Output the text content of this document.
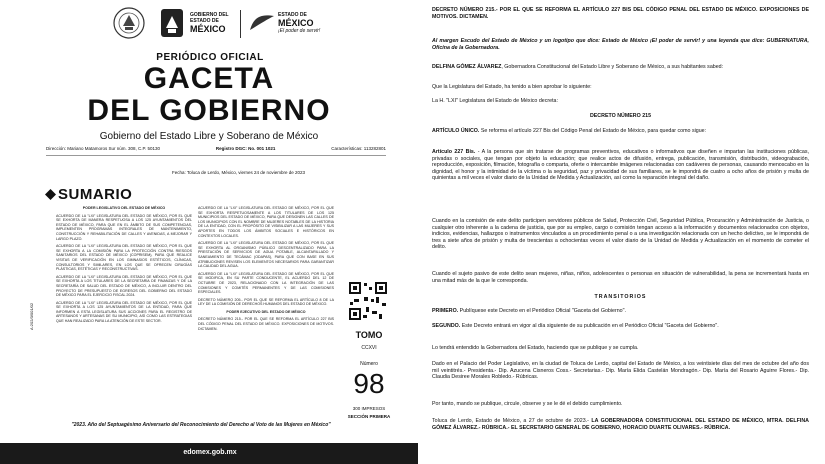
GOBIERNO DEL
ESTADO DE
MÉXICO
ESTADO DE
MÉXICO
¡El poder de servir!
PERIÓDICO OFICIAL
GACETA
DEL GOBIERNO
Gobierno del Estado Libre y Soberano de México
Dirección: Mariano Matamoros Sur núm. 308, C.P. 50130	Registro DGC: No. 001 1021	Características: 113282801
Fecha: Toluca de Lerdo, México, viernes 24 de noviembre de 2023
SUMARIO
A:202/3/001/02

PODER LEGISLATIVO DEL ESTADO DE MÉXICO

ACUERDO DE LA "LXI" LEGISLATURA DEL ESTADO DE MÉXICO, POR EL QUE SE EXHORTA DE MANERA RESPETUOSA A LOS 125 AYUNTAMIENTOS DEL ESTADO DE MÉXICO, PARA QUE EN EL ÁMBITO DE SUS COMPETENCIAS, IMPLEMENTEN PROGRAMAS INTEGRALES DE MANTENIMIENTO, CONSTRUCCIÓN Y REHABILITACIÓN DE CALLES Y AVENIDAS, A MEJORAR Y LARGO PLAZO.

ACUERDO DE LA "LXI" LEGISLATURA DEL ESTADO DE MÉXICO, POR EL QUE SE EXHORTA A LA COMISIÓN PARA LA PROTECCIÓN CONTRA RIESGOS SANITARIOS DEL ESTADO DE MÉXICO (COPRISEM), PARA QUE REALICE VISITAS DE VERIFICACIÓN EN LOS GIMNASIOS ESTÉTICOS, CLÍNICAS, CONSULTORIOS Y SIMILARES, EN LOS QUE SE OFRECEN CIRUGÍAS PLÁSTICAS, ESTÉTICAS Y RECONSTRUCTIVAS.

ACUERDO DE LA "LXI" LEGISLATURA DEL ESTADO DE MÉXICO, POR EL QUE SE EXHORTA A LOS TITULARES DE LA SECRETARÍA DE FINANZAS Y DE LA SECRETARÍA DE SALUD DEL ESTADO DE MÉXICO, A INCLUIR DENTRO DEL PROYECTO DE PRESUPUESTO DE EGRESOS DEL GOBIERNO DEL ESTADO DE MÉXICO PARA EL EJERCICIO FISCAL 2024.

ACUERDO DE LA "LXI" LEGISLATURA DEL ESTADO DE MÉXICO, POR EL QUE SE EXHORTA A LOS 125 AYUNTAMIENTOS DE LA ENTIDAD, PARA QUE INFORMEN A ESTA LEGISLATURA SUS ACCIONES PARA EL REGISTRO DE ARTESANOS Y ARTESANAS DE SU MUNICIPIO, ASÍ COMO LAS ESTRATEGIAS QUE HAN REALIZADO PARA LA ATENCIÓN DE ESTE SECTOR.

ACUERDO DE LA "LXI" LEGISLATURA DEL ESTADO DE MÉXICO, POR EL QUE SE EXHORTA RESPETUOSAMENTE A LOS TITULARES DE LOS 125 MUNICIPIOS DEL ESTADO DE MÉXICO, PARA QUE DESIGNEN LAS CALLES DE LOS MUNICIPIOS CON EL NOMBRE DE MUJERES NOTABLES DE LA HISTORIA DE LA ENTIDAD, CON EL PROPÓSITO DE VISIBILIZAR A LAS MUJERES Y SUS APORTES EN TODOS LOS ÁMBITOS SOCIALES E HISTÓRICOS EN CONTEXTOS LOCALES.

ACUERDO DE LA "LXI" LEGISLATURA DEL ESTADO DE MÉXICO, POR EL QUE SE EXHORTA AL ORGANISMO PÚBLICO DESCENTRALIZADO PARA LA PRESTACIÓN DE SERVICIOS DE AGUA POTABLE, ALCANTARILLADO Y SANEAMIENTO DE TECÁMAC (ODAPAS), PARA QUE CON BASE EN SUS ATRIBUCIONES REVISEN LOS ELEMENTOS NECESARIOS PARA GARANTIZAR LA CALIDAD DEL AGUA.

ACUERDO DE LA "LXI" LEGISLATURA DEL ESTADO DE MÉXICO, POR EL QUE SE MODIFICA, EN SU PARTE CONDUCENTE, EL ACUERDO DEL 12 DE OCTUBRE DE 2023, RELACIONADO CON LA INTEGRACIÓN DE LAS COMISIONES Y COMITÉS PERMANENTES Y DE LAS COMISIONES ESPECIALES.

DECRETO NÚMERO 205.- POR EL QUE SE REFORMA EL ARTÍCULO 8 DE LA LEY DE LA COMISIÓN DE DERECHOS HUMANOS DEL ESTADO DE MÉXICO.

PODER EJECUTIVO DEL ESTADO DE MÉXICO

DECRETO NÚMERO 215.- POR EL QUE SE REFORMA EL ARTÍCULO 227 BIS DEL CÓDIGO PENAL DEL ESTADO DE MÉXICO. EXPOSICIONES DE MOTIVOS. DICTAMEN.

TOMO
CCXVI
Número
98
300 IMPRESOS
SECCIÓN PRIMERA
"2023. Año del Septuagésimo Aniversario del Reconocimiento del Derecho al Voto de las Mujeres en México"
edomex.gob.mx
DECRETO NÚMERO 215.- POR EL QUE SE REFORMA EL ARTÍCULO 227 BIS DEL CÓDIGO PENAL DEL ESTADO DE MÉXICO. EXPOSICIONES DE MOTIVOS. DICTAMEN.
Al margen Escudo del Estado de México y un logotipo que dice: Estado de México ¡El poder de servir! y una leyenda que dice: GUBERNATURA, Oficina de la Gobernadora.
DELFINA GÓMEZ ÁLVAREZ, Gobernadora Constitucional del Estado Libre y Soberano de México, a sus habitantes sabed:
Que la Legislatura del Estado, ha tenido a bien aprobar lo siguiente:
La H. "LXI" Legislatura del Estado de México decreta:
DECRETO NÚMERO 215
ARTÍCULO ÚNICO. Se reforma el artículo 227 Bis del Código Penal del Estado de México, para quedar como sigue:
Artículo 227 Bis. - A la persona que sin tratarse de programas preventivos, educativos o informativos que diseñen e impartan las instituciones públicas, privadas o sociales, que tengan por objeto la educación; que realice actos de difusión, entrega, publicación, transmisión, distribución, videograbación, reproducción, exposición, filmación, fotografía o comparta, oferte o intercambie imágenes relacionadas con cadáveres de personas, causando menoscabo en la dignidad, el honor y la intimidad de la víctima o la seguridad, paz y privacidad de sus familiares, se le impondrá de cuatro a ocho años de prisión y multa de quinientas a mil veces el valor diario de la Unidad de Medida y Actualización, así como la reparación integral del daño.
Cuando en la comisión de este delito participen servidores públicos de Salud, Protección Civil, Seguridad Pública, Procuración y Administración de Justicia, o cualquier otro inherente a la cadena de justicia, que por su empleo, cargo o comisión tengan acceso a la información y documentos relacionados con objetos, indicios, evidencias, hallazgos o instrumentos vinculados a un procedimiento penal o a una investigación relacionada con un hecho delictivo, se le impondrá de tres a siete años de prisión y multa de trescientas a ochocientas veces el valor diario de la Unidad de Medida y Actualización en el momento de cometer el delito.
Cuando el sujeto pasivo de este delito sean mujeres, niñas, niños, adolescentes o personas en situación de vulnerabilidad, la pena se incrementará hasta en una mitad más de la que le corresponda.
TRANSITORIOS
PRIMERO. Publíquese este Decreto en el Periódico Oficial "Gaceta del Gobierno".
SEGUNDO. Este Decreto entrará en vigor al día siguiente de su publicación en el Periódico Oficial "Gaceta del Gobierno".
Lo tendrá entendido la Gobernadora del Estado, haciendo que se publique y se cumpla.
Dado en el Palacio del Poder Legislativo, en la ciudad de Toluca de Lerdo, capital del Estado de México, a los veintisiete días del mes de octubre del año dos mil veintitrés.- Presidenta.- Dip. Azucena Cisneros Coss.- Secretarias.- Dip. María Elida Castelán Mondragón.- Dip. María del Rosario Aguirre Flores.- Dip. Claudia Desiree Morales Robledo.- Rúbricas.
Por tanto, mando se publique, circule, observe y se le dé el debido cumplimiento.
Toluca de Lerdo, Estado de México, a 27 de octubre de 2023.- LA GOBERNADORA CONSTITUCIONAL DEL ESTADO DE MÉXICO, MTRA. DELFINA GÓMEZ ÁLVAREZ.- RÚBRICA.- EL SECRETARIO GENERAL DE GOBIERNO, HORACIO DUARTE OLIVARES.- RÚBRICA.
